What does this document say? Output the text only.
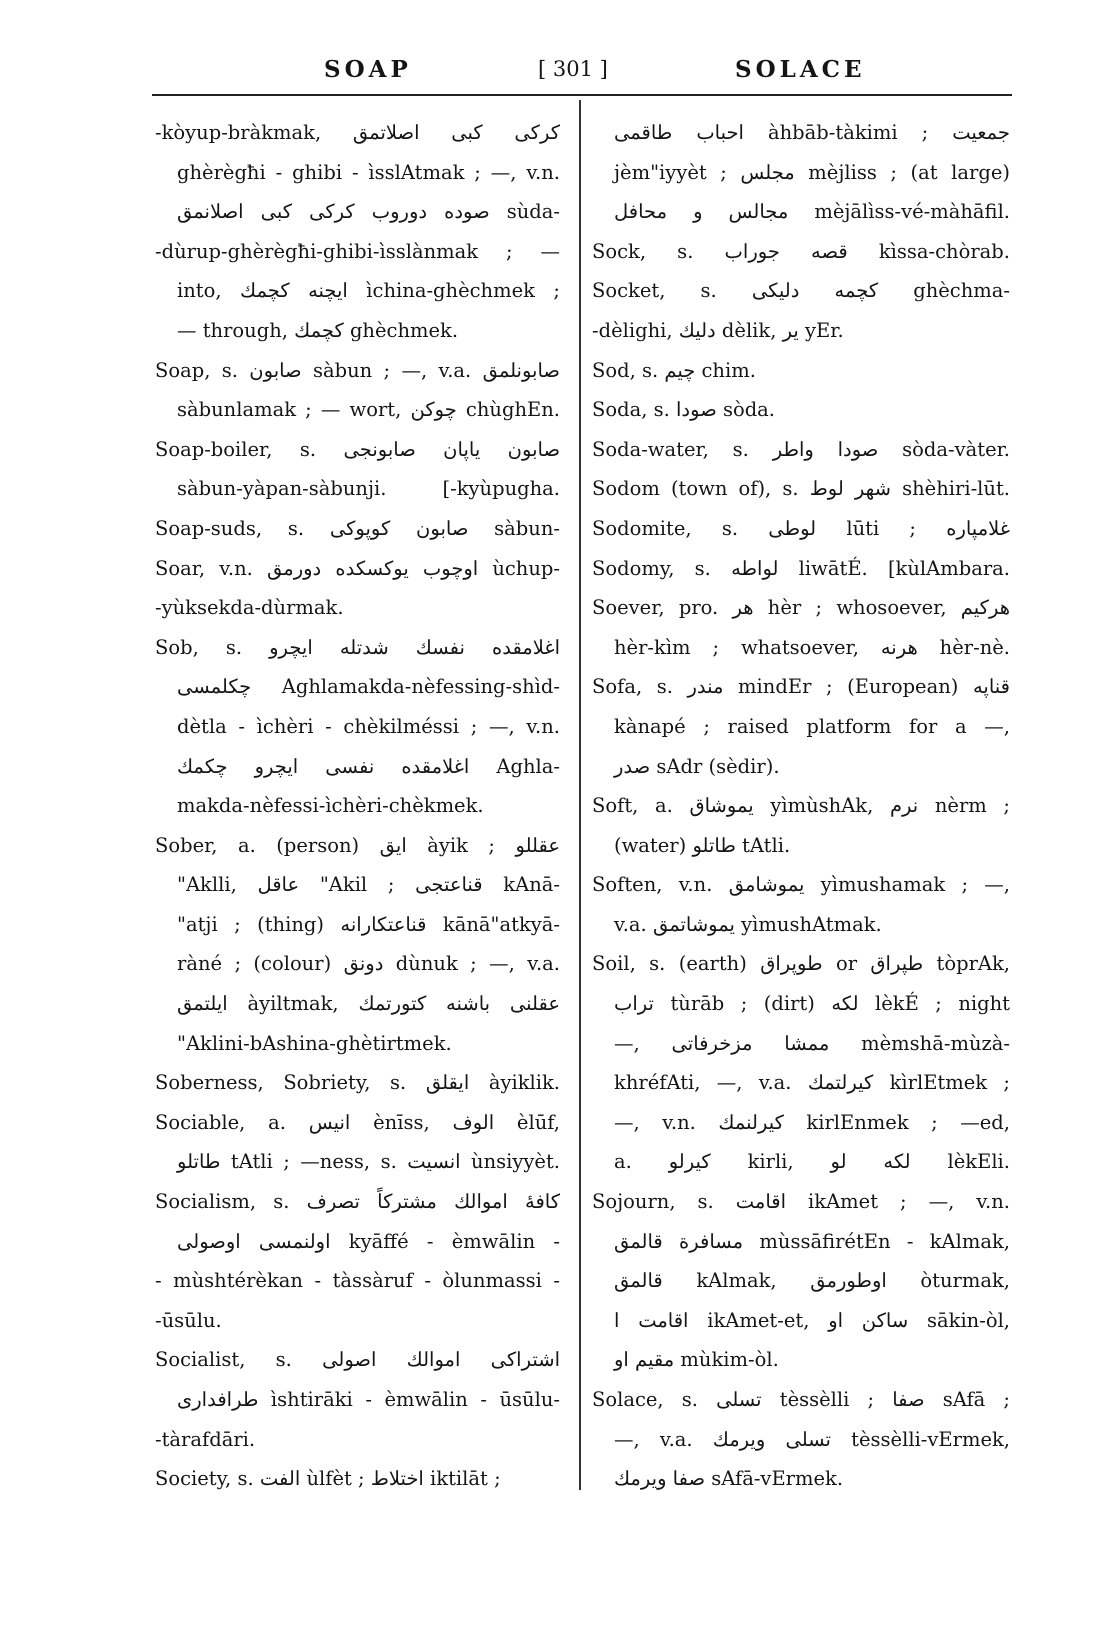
SOAP	[ 301 ]	SOLACE
-kòyup-bràkmak, کرکی کبی اصلاتمق
ghèrègħi - ghibi - ìsslAtmak ; —, v.n.
صوده دوروب کرکی کبی اصلانمق sùda-
-dùrup-ghèrègħi-ghibi-ìsslànmak ; —
into, ایچنه کچمك ìchina-ghèchmek ;
— through, کچمك ghèchmek.
Soap, s. صابون sàbun ; —, v.a. صابونلمق
sàbunlamak ; — wort, چوکن chùghEn.
Soap-boiler, s. صابون یاپان صابونجی
sàbun-yàpan-sàbunji. [-kyùpugha.
Soap-suds, s. صابون کوپوکی sàbun-
Soar, v.n. اوچوب یوکسکده دورمق ùchup-
-yùksekda-dùrmak.
Sob, s. اغلامقده نفسك شدتله ایچرو
چکلمسی Aghlamakda-nèfessing-shìd-
dètla - ìchèri - chèkilméssi ; —, v.n.
اغلامقده نفسی ایچرو چکمك Aghla-
makda-nèfessi-ìchèri-chèkmek.
Sober, a. (person) ایق àyik ; عقللو
"Aklli, عاقل "Akil ; قناعتجی kAnā-
"atji ; (thing) قناعتکارانه kānā"atkyā-
ràné ; (colour) دونق dùnuk ; —, v.a.
ایلتمق àyiltmak, عقلنی باشنه کتورتمك
"Aklini-bAshina-ghètirtmek.
Soberness, Sobriety, s. ایقلق àyiklik.
Sociable, a. انیس ènīss, الوف èlūf,
طاتلو tAtli ; —ness, s. انسیت ùnsiyyèt.
Socialism, s. کافهٔ اموالك مشترکاً تصرف
اولنمسی اوصولی kyāffé - èmwālin -
- mùshtérèkan - tàssàruf - òlunmassi -
-ūsūlu.
Socialist, s. اشتراکی اموالك اصولی
طرافداری ìshtirāki - èmwālin - ūsūlu-
-tàrafdāri.
Society, s. الفت ùlfèt ; اختلاط iktilāt ;
احباب طاقمی àhbāb-tàkimi ; جمعیت
jèm"iyyèt ; مجلس mèjliss ; (at large)
مجالس و محافل mèjālìss-vé-màhāfil.
Sock, s. قصه جوراب kìssa-chòrab.
Socket, s. کچمه دلیکی ghèchma-
-dèlighi, دلیك dèlik, یر yEr.
Sod, s. چیم chim.
Soda, s. صودا sòda.
Soda-water, s. صودا واطر sòda-vàter.
Sodom (town of), s. شهر لوط shèhiri-lūt.
Sodomite, s. لوطی lūti ; غلامپاره
Sodomy, s. لواطه liwātÉ. [kùlAmbara.
Soever, pro. هر hèr ; whosoever, هرکیم
hèr-kìm ; whatsoever, هرنه hèr-nè.
Sofa, s. مندر mindEr ; (European) قناپه
kànapé ; raised platform for a —,
صدر sAdr (sèdir).
Soft, a. یموشاق yìmùshAk, نرم nèrm ;
(water) طاتلو tAtli.
Soften, v.n. یموشامق yìmushamak ; —,
v.a. یموشاتمق yìmushAtmak.
Soil, s. (earth) طوپراق or طپراق tòprAk,
تراب tùrāb ; (dirt) لکه lèkÉ ; night
—, ممشا مزخرفاتی mèmshā-mùzà-
khréfAti, —, v.a. کیرلتمك kìrlEtmek ;
—, v.n. کیرلنمك kirlEnmek ; —ed,
a. کیرلو kirli, لکه لو lèkEli.
Sojourn, s. اقامت ikAmet ; —, v.n.
مسافرة قالمق mùssāfirétEn - kAlmak,
قالمق kAlmak, اوطورمق òturmak,
اقامت ا ikAmet-et, ساکن او sākin-òl,
مقیم او mùkim-òl.
Solace, s. تسلی tèssèlli ; صفا sAfā ;
—, v.a. تسلی ویرمك tèssèlli-vErmek,
صفا ویرمك sAfā-vErmek.
